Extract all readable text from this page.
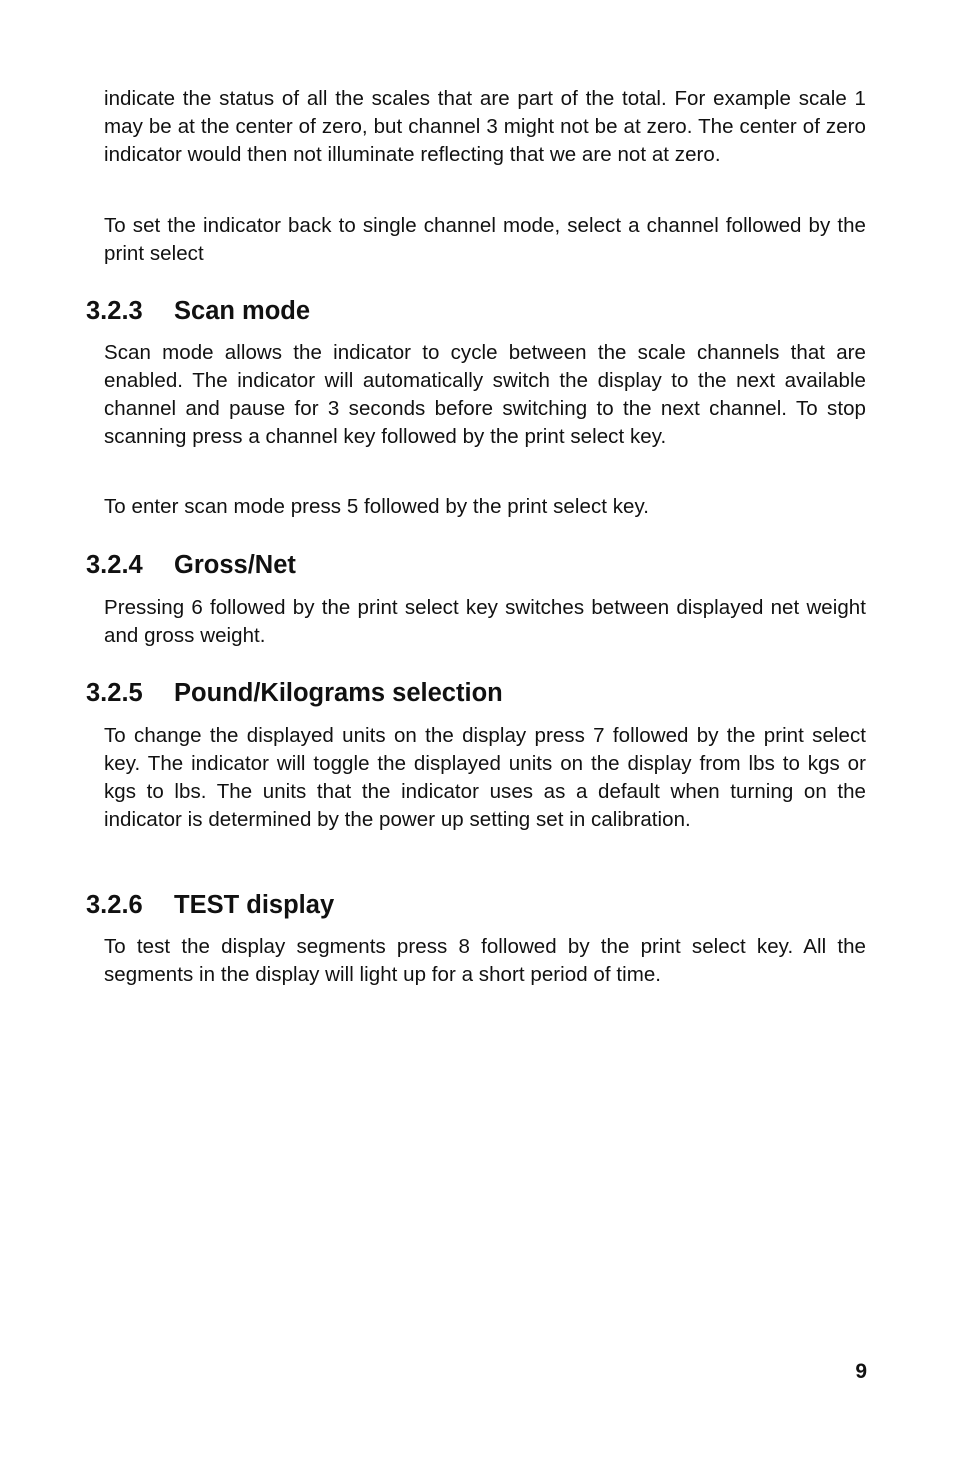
indicate the status of all the scales that are part of the total. For example scale 1 may be at the center of zero, but channel 3 might not be at zero. The center of zero indicator would then not illuminate reflecting that we are not at zero.

To set the indicator back to single channel mode, select a channel followed by the print select

3.2.3 Scan mode

Scan mode allows the indicator to cycle between the scale channels that are enabled. The indicator will automatically switch the display to the next available channel and pause for 3 seconds before switching to the next channel. To stop scanning press a channel key followed by the print select key.

To enter scan mode press 5 followed by the print select key.

3.2.4 Gross/Net

Pressing 6 followed by the print select key switches between displayed net weight and gross weight.

3.2.5 Pound/Kilograms selection

To change the displayed units on the display press 7 followed by the print select key. The indicator will toggle the displayed units on the display from lbs to kgs or kgs to lbs. The units that the indicator uses as a default when turning on the indicator is determined by the power up setting set in calibration.

3.2.6 TEST display

To test the display segments press 8 followed by the print select key. All the segments in the display will light up for a short period of time.

9
